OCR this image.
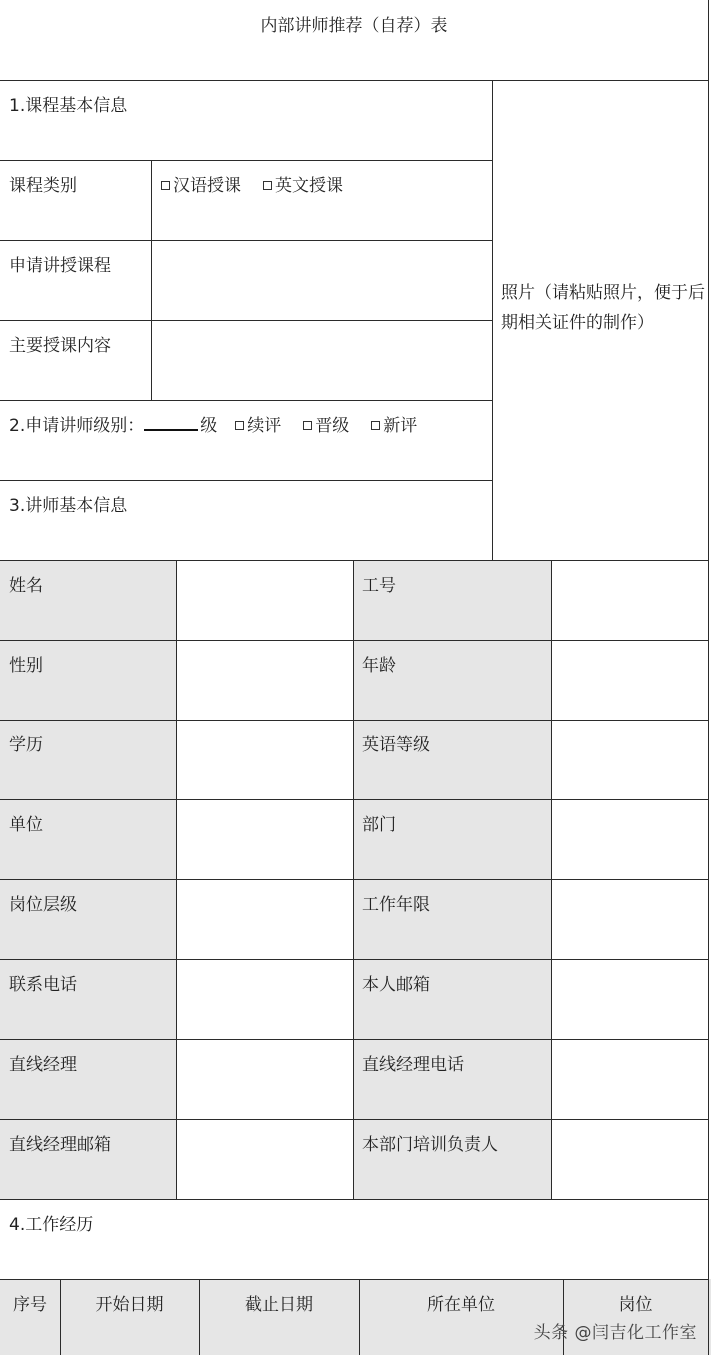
内部讲师推荐（自荐）表
1.课程基本信息
课程类别	汉语授课 英文授课
申请讲授课程
主要授课内容
照片（请粘贴照片，便于后期相关证件的制作）
2.申请讲师级别：	级 续评 晋级 新评
3.讲师基本信息
姓名	工号
性别	年龄
学历	英语等级
单位	部门
岗位层级	工作年限
联系电话	本人邮箱
直线经理	直线经理电话
直线经理邮箱	本部门培训负责人
4.工作经历
序号	开始日期	截止日期	所在单位	岗位
头条 @闫吉化工作室
